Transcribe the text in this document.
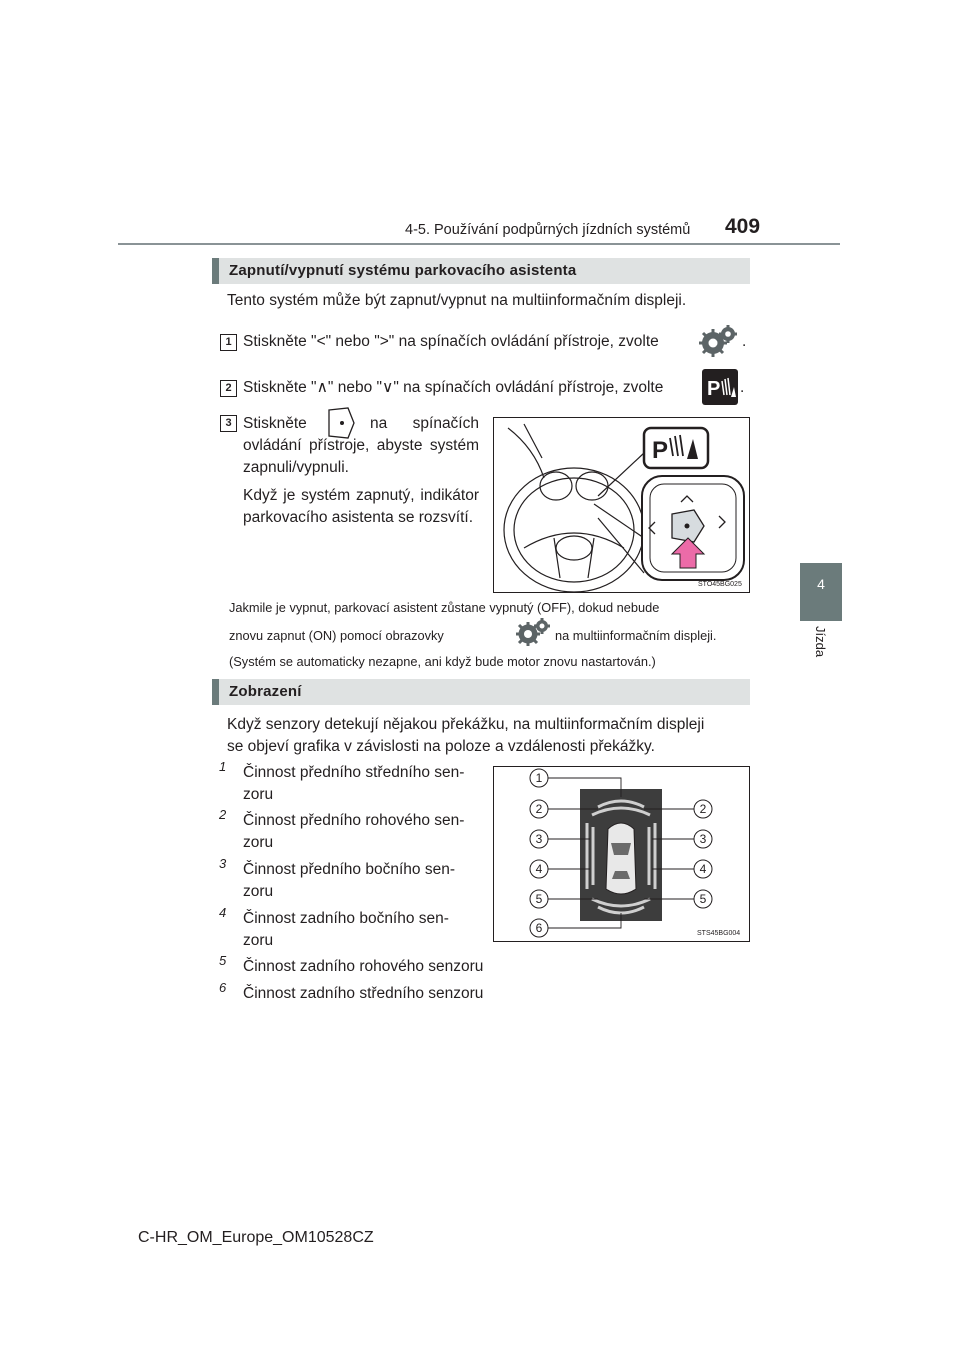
4-5. Používání podpůrných jízdních systémů 409
4
Jízda
Zapnutí/vypnutí systému parkovacího asistenta
Tento systém může být zapnut/vypnut na multiinformačním displeji.
1 Stiskněte "<" nebo ">" na spínačích ovládání přístroje, zvolte	.
2 Stiskněte "∧" nebo "∨" na spínačích ovládání přístroje, zvolte P .
3 Stiskněte	na spínačích ovládání přístroje, abyste systém zapnuli/vypnuli.
Když je systém zapnutý, indikátor parkovacího asistenta se rozsvítí.
P
STO45BG025
Jakmile je vypnut, parkovací asistent zůstane vypnutý (OFF), dokud nebude
znovu zapnut (ON) pomocí obrazovky	na multiinformačním displeji.
(Systém se automaticky nezapne, ani když bude motor znovu nastartován.)
Zobrazení
Když senzory detekují nějakou překážku, na multiinformačním displeji
se objeví grafika v závislosti na poloze a vzdálenosti překážky.
1 Činnost předního středního sen-
zoru
2 Činnost předního rohového sen-
zoru
3 Činnost předního bočního sen-
zoru
4 Činnost zadního bočního sen-
zoru
5 Činnost zadního rohového senzoru
6 Činnost zadního středního senzoru
1
2
3
4
5
6
2
3
4
5
STS45BG004
C-HR_OM_Europe_OM10528CZ
